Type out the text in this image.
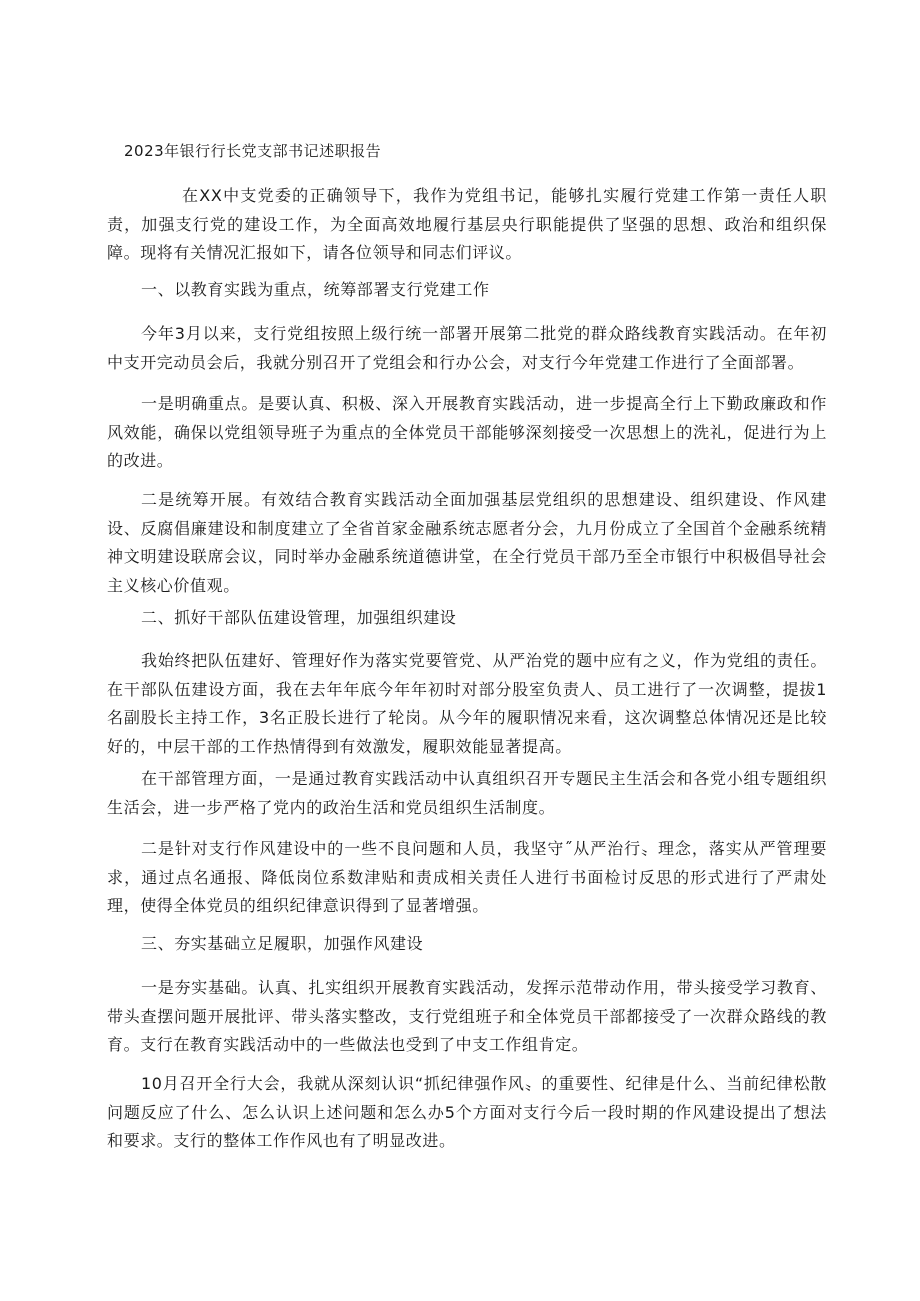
2023年银行行长党支部书记述职报告

在XX中支党委的正确领导下，我作为党组书记，能够扎实履行党建工作第一责任人职责，加强支行党的建设工作，为全面高效地履行基层央行职能提供了坚强的思想、政治和组织保障。现将有关情况汇报如下，请各位领导和同志们评议。

一、以教育实践为重点，统筹部署支行党建工作

今年3月以来，支行党组按照上级行统一部署开展第二批党的群众路线教育实践活动。在年初中支开完动员会后，我就分别召开了党组会和行办公会，对支行今年党建工作进行了全面部署。

一是明确重点。是要认真、积极、深入开展教育实践活动，进一步提高全行上下勤政廉政和作风效能，确保以党组领导班子为重点的全体党员干部能够深刻接受一次思想上的洗礼，促进行为上的改进。

二是统筹开展。有效结合教育实践活动全面加强基层党组织的思想建设、组织建设、作风建设、反腐倡廉建设和制度建立了全省首家金融系统志愿者分会，九月份成立了全国首个金融系统精神文明建设联席会议，同时举办金融系统道德讲堂，在全行党员干部乃至全市银行中积极倡导社会主义核心价值观。

二、抓好干部队伍建设管理，加强组织建设

我始终把队伍建好、管理好作为落实党要管党、从严治党的题中应有之义，作为党组的责任。在干部队伍建设方面，我在去年年底今年年初时对部分股室负责人、员工进行了一次调整，提拔1名副股长主持工作，3名正股长进行了轮岗。从今年的履职情况来看，这次调整总体情况还是比较好的，中层干部的工作热情得到有效激发，履职效能显著提高。

在干部管理方面，一是通过教育实践活动中认真组织召开专题民主生活会和各党小组专题组织生活会，进一步严格了党内的政治生活和党员组织生活制度。

二是针对支行作风建设中的一些不良问题和人员，我坚守˝从严治行〟理念，落实从严管理要求，通过点名通报、降低岗位系数津贴和责成相关责任人进行书面检讨反思的形式进行了严肃处理，使得全体党员的组织纪律意识得到了显著增强。

三、夯实基础立足履职，加强作风建设

一是夯实基础。认真、扎实组织开展教育实践活动，发挥示范带动作用，带头接受学习教育、带头查摆问题开展批评、带头落实整改，支行党组班子和全体党员干部都接受了一次群众路线的教育。支行在教育实践活动中的一些做法也受到了中支工作组肯定。

10月召开全行大会，我就从深刻认识“抓纪律强作风〟的重要性、纪律是什么、当前纪律松散问题反应了什么、怎么认识上述问题和怎么办5个方面对支行今后一段时期的作风建设提出了想法和要求。支行的整体工作作风也有了明显改进。
